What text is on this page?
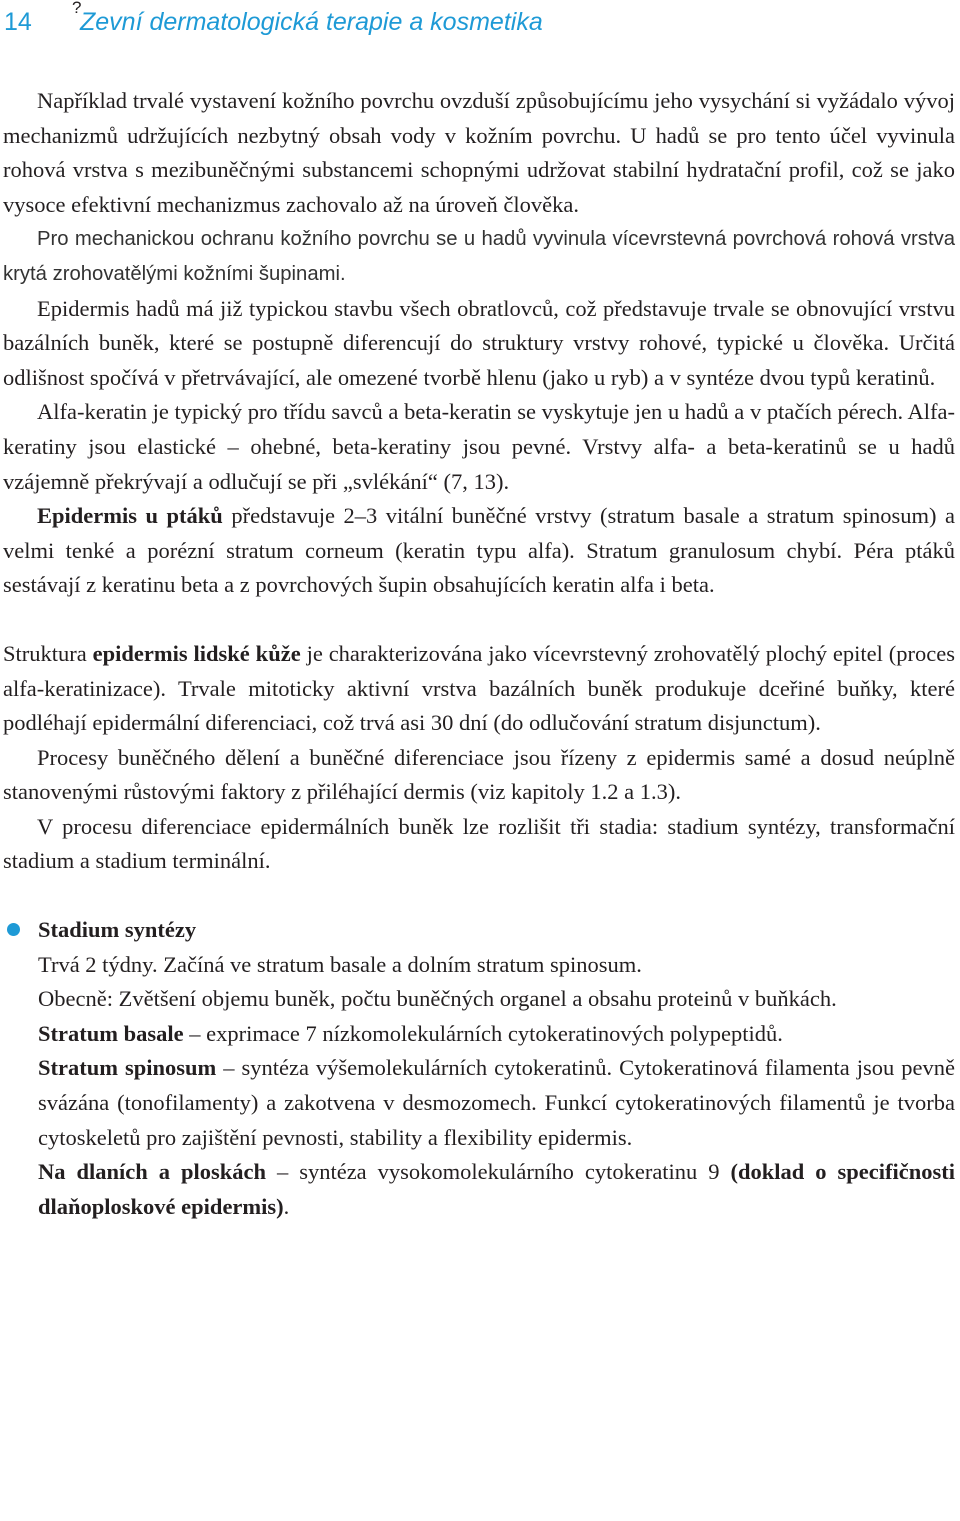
14
?
Zevní dermatologická terapie a kosmetika

Například trvalé vystavení kožního povrchu ovzduší způsobujícímu jeho vysychání si vyžádalo vývoj mechanizmů udržujících nezbytný obsah vody v kožním povrchu. U hadů se pro tento účel vyvinula rohová vrstva s mezibuněčnými substancemi schopnými udržovat stabilní hydratační profil, což se jako vysoce efektivní mechanizmus zachovalo až na úroveň člověka.

Pro mechanickou ochranu kožního povrchu se u hadů vyvinula vícevrstevná povrchová rohová vrstva krytá zrohovatělými kožními šupinami.

Epidermis hadů má již typickou stavbu všech obratlovců, což představuje trvale se obnovující vrstvu bazálních buněk, které se postupně diferencují do struktury vrstvy rohové, typické u člověka. Určitá odlišnost spočívá v přetrvávající, ale omezené tvorbě hlenu (jako u ryb) a v syntéze dvou typů keratinů.

Alfa-keratin je typický pro třídu savců a beta-keratin se vyskytuje jen u hadů a v ptačích pérech. Alfa-keratiny jsou elastické – ohebné, beta-keratiny jsou pevné. Vrstvy alfa- a beta-keratinů se u hadů vzájemně překrývají a odlučují se při „svlékání“ (7, 13).

Epidermis u ptáků představuje 2–3 vitální buněčné vrstvy (stratum basale a stratum spinosum) a velmi tenké a porézní stratum corneum (keratin typu alfa). Stratum granulosum chybí. Péra ptáků sestávají z keratinu beta a z povrchových šupin obsahujících keratin alfa i beta.

Struktura epidermis lidské kůže je charakterizována jako vícevrstevný zrohovatělý plochý epitel (proces alfa-keratinizace). Trvale mitoticky aktivní vrstva bazálních buněk produkuje dceřiné buňky, které podléhají epidermální diferenciaci, což trvá asi 30 dní (do odlučování stratum disjunctum).

Procesy buněčného dělení a buněčné diferenciace jsou řízeny z epidermis samé a dosud neúplně stanovenými růstovými faktory z přiléhající dermis (viz kapitoly 1.2 a 1.3).

V procesu diferenciace epidermálních buněk lze rozlišit tři stadia: stadium syntézy, transformační stadium a stadium terminální.

Stadium syntézy

Trvá 2 týdny. Začíná ve stratum basale a dolním stratum spinosum.

Obecně: Zvětšení objemu buněk, počtu buněčných organel a obsahu proteinů v buňkách.

Stratum basale – exprimace 7 nízkomolekulárních cytokeratinových polypeptidů.

Stratum spinosum – syntéza výšemolekulárních cytokeratinů. Cytokeratinová filamenta jsou pevně svázána (tonofilamenty) a zakotvena v desmozomech. Funkcí cytokeratinových filamentů je tvorba cytoskeletů pro zajištění pevnosti, stability a flexibility epidermis.

Na dlaních a ploskách – syntéza vysokomolekulárního cytokeratinu 9 (doklad o specifičnosti dlaňoploskové epidermis).
